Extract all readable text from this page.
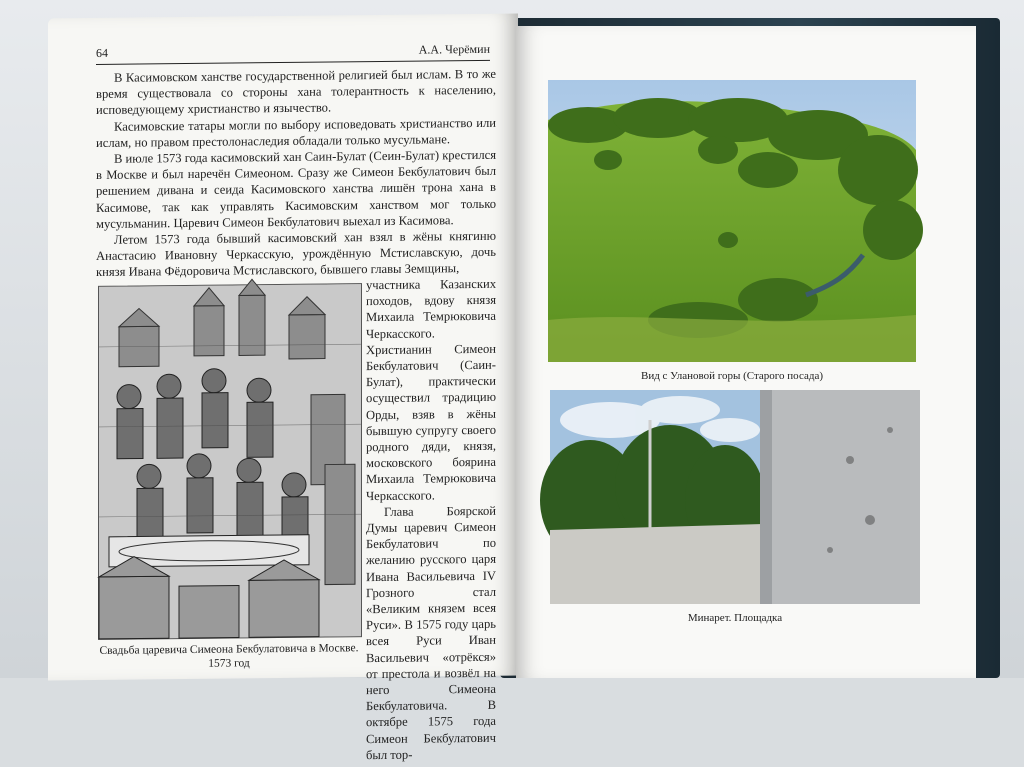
64	А.А. Черёмин

В Касимовском ханстве государственной религией был ислам. В то же время существовала со стороны хана толерантность к населению, исповедующему христианство и язычество.

Касимовские татары могли по выбору исповедовать христианство или ислам, но правом престолонаследия обладали только мусульмане.

В июле 1573 года касимовский хан Саин-Булат (Сеин-Булат) крестился в Москве и был наречён Симеоном. Сразу же Симеон Бекбулатович был решением дивана и сеида Касимовского ханства лишён трона хана в Касимове, так как управлять Касимовским ханством мог только мусульманин. Царевич Симеон Бекбулатович выехал из Касимова.

Летом 1573 года бывший касимовский хан взял в жёны княгиню Анастасию Ивановну Черкасскую, урождённую Мстиславскую, дочь князя Ивана Фёдоровича Мстиславского, бывшего главы Земщины,

участника Казанских походов, вдову князя Михаила Темрюковича Черкасского. Христианин Симеон Бекбулатович (Саин-Булат), практически осуществил традицию Орды, взяв в жёны бывшую супругу своего родного дяди, князя, московского боярина Михаила Темрюковича Черкасского.

Глава Боярской Думы царевич Симеон Бекбулатович по желанию русского царя Ивана Васильевича IV Грозного стал «Великим князем всея Руси». В 1575 году царь всея Руси Иван Васильевич «отрёкся» от престола и возвёл на него Симеона Бекбулатовича. В октябре 1575 года Симеон Бекбулатович был тор-

Свадьба царевича Симеона Бекбулатовича в Москве. 1573 год
Вид с Улановой горы (Старого посада)
Минарет. Площадка
